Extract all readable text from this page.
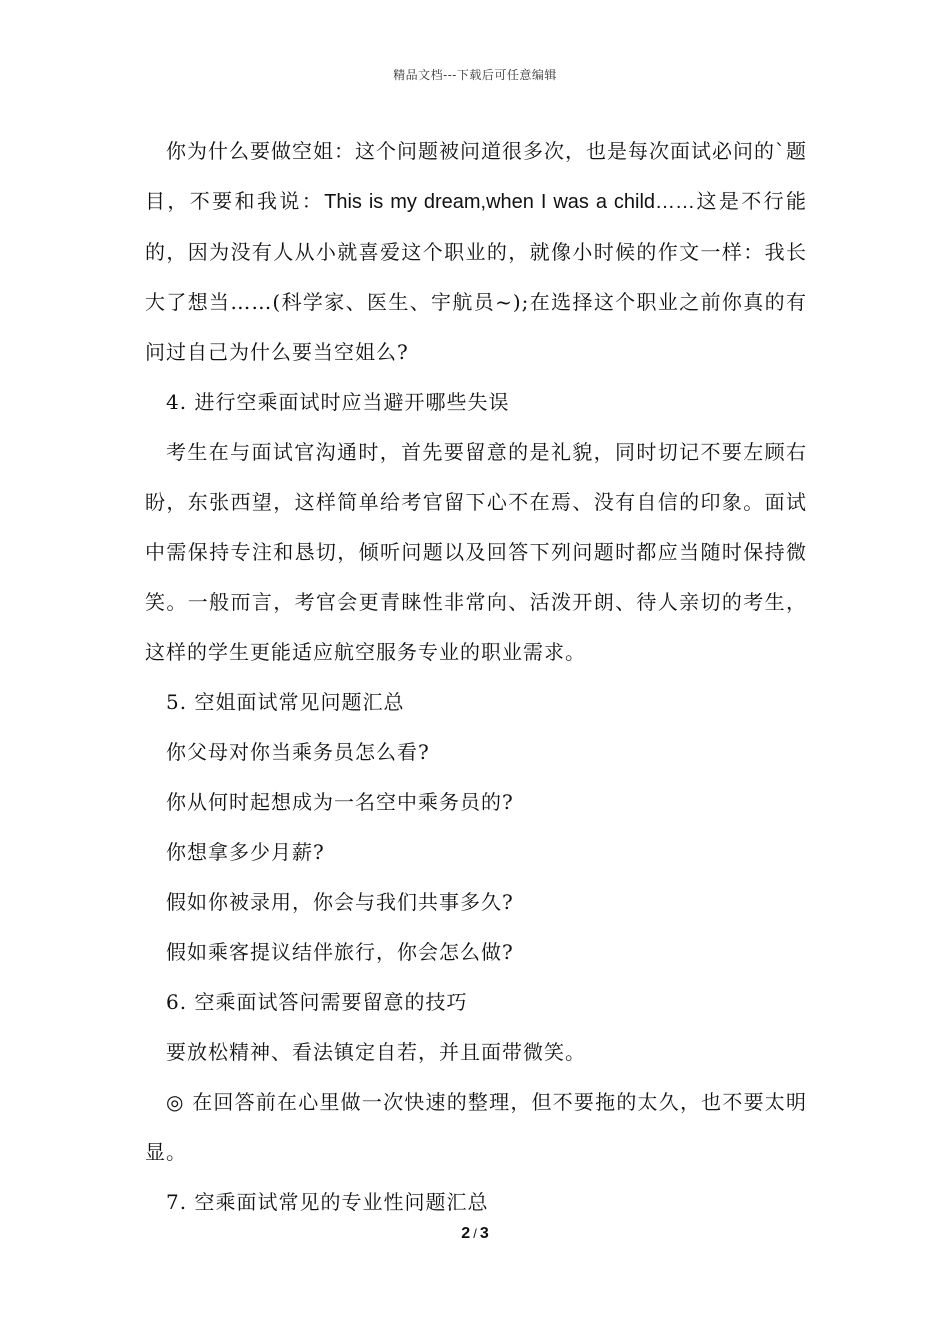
精品文档---下载后可任意编辑

你为什么要做空姐：这个问题被问道很多次，也是每次面试必问的`题目，不要和我说：This is my dream,when I was a child……这是不行能的，因为没有人从小就喜爱这个职业的，就像小时候的作文一样：我长大了想当……(科学家、医生、宇航员~);在选择这个职业之前你真的有问过自己为什么要当空姐么?

4. 进行空乘面试时应当避开哪些失误

考生在与面试官沟通时，首先要留意的是礼貌，同时切记不要左顾右盼，东张西望，这样简单给考官留下心不在焉、没有自信的印象。面试中需保持专注和恳切，倾听问题以及回答下列问题时都应当随时保持微笑。一般而言，考官会更青睐性非常向、活泼开朗、待人亲切的考生，这样的学生更能适应航空服务专业的职业需求。

5. 空姐面试常见问题汇总

你父母对你当乘务员怎么看?

你从何时起想成为一名空中乘务员的?

你想拿多少月薪?

假如你被录用，你会与我们共事多久?

假如乘客提议结伴旅行，你会怎么做?

6. 空乘面试答问需要留意的技巧

要放松精神、看法镇定自若，并且面带微笑。

◎ 在回答前在心里做一次快速的整理，但不要拖的太久，也不要太明显。

7. 空乘面试常见的专业性问题汇总

2 / 3
